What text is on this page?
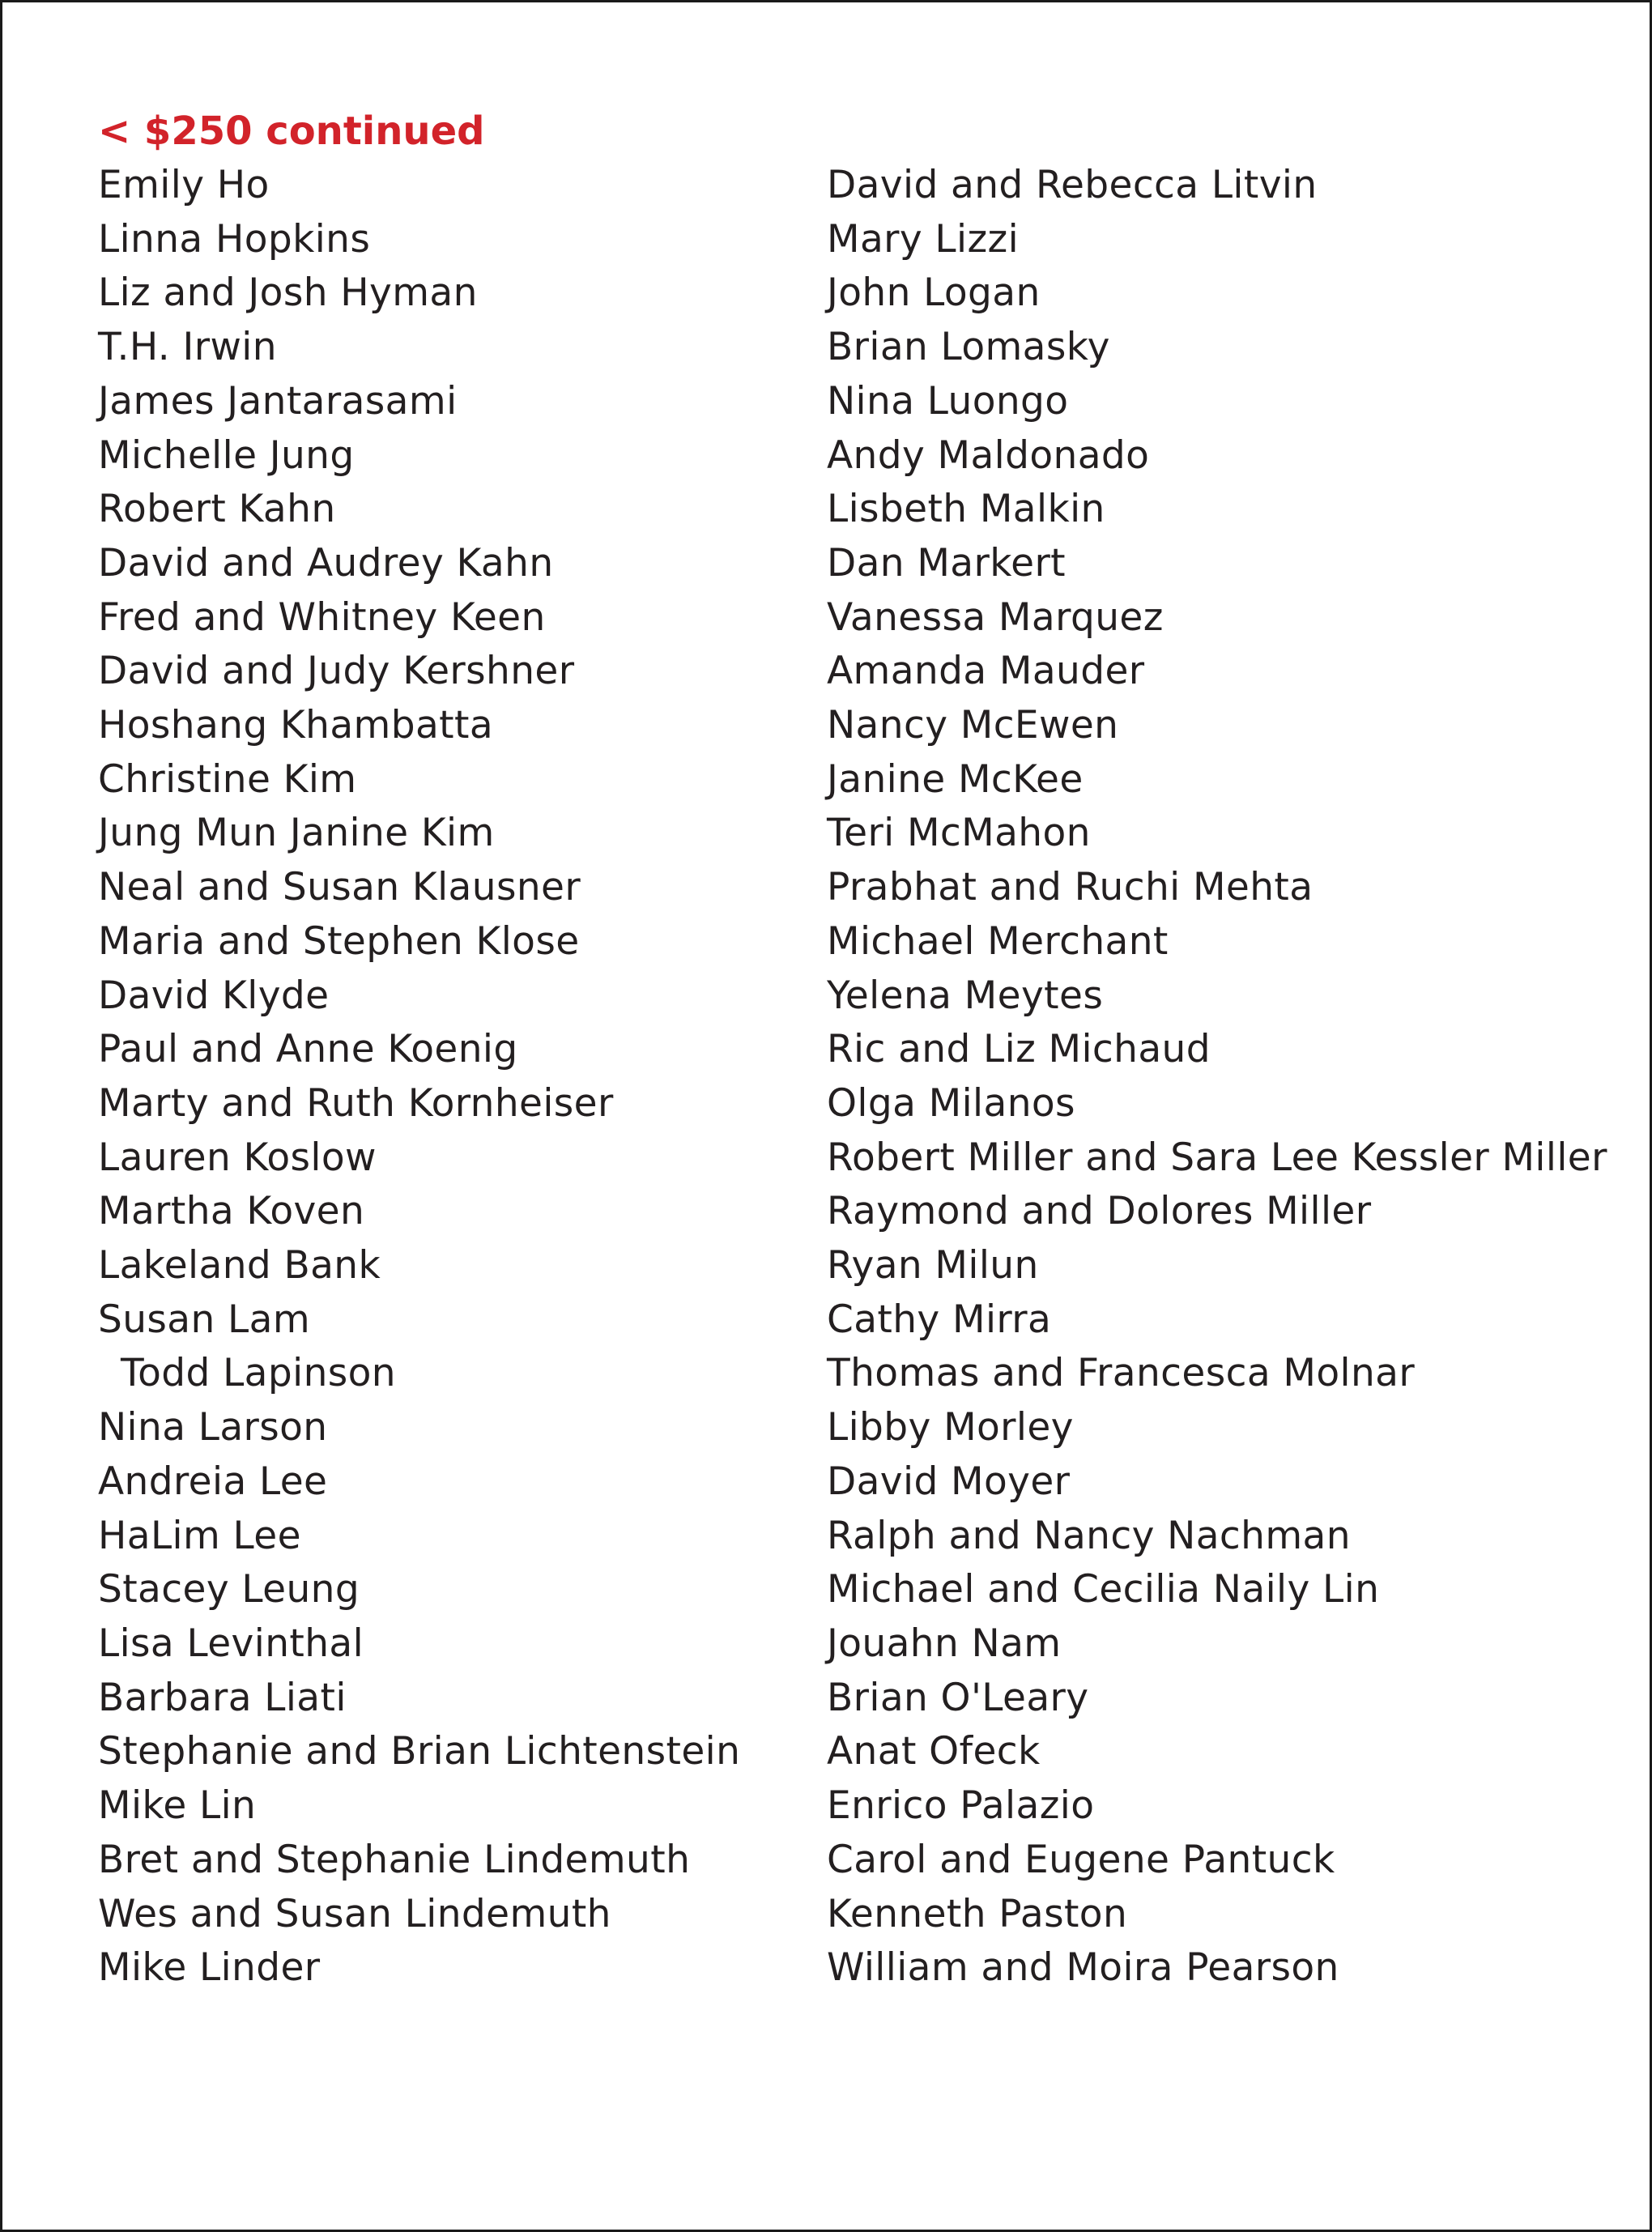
< $250 continued
Emily Ho
Linna Hopkins
Liz and Josh Hyman
T.H. Irwin
James Jantarasami
Michelle Jung
Robert Kahn
David and Audrey Kahn
Fred and Whitney Keen
David and Judy Kershner
Hoshang Khambatta
Christine Kim
Jung Mun Janine Kim
Neal and Susan Klausner
Maria and Stephen Klose
David Klyde
Paul and Anne Koenig
Marty and Ruth Kornheiser
Lauren Koslow
Martha Koven
Lakeland Bank
Susan Lam
Todd Lapinson
Nina Larson
Andreia Lee
HaLim Lee
Stacey Leung
Lisa Levinthal
Barbara Liati
Stephanie and Brian Lichtenstein
Mike Lin
Bret and Stephanie Lindemuth
Wes and Susan Lindemuth
Mike Linder
David and Rebecca Litvin
Mary Lizzi
John Logan
Brian Lomasky
Nina Luongo
Andy Maldonado
Lisbeth Malkin
Dan Markert
Vanessa Marquez
Amanda Mauder
Nancy McEwen
Janine McKee
Teri McMahon
Prabhat and Ruchi Mehta
Michael Merchant
Yelena Meytes
Ric and Liz Michaud
Olga Milanos
Robert Miller and Sara Lee Kessler Miller
Raymond and Dolores Miller
Ryan Milun
Cathy Mirra
Thomas and Francesca Molnar
Libby Morley
David Moyer
Ralph and Nancy Nachman
Michael and Cecilia Naily Lin
Jouahn Nam
Brian O'Leary
Anat Ofeck
Enrico Palazio
Carol and Eugene Pantuck
Kenneth Paston
William and Moira Pearson
